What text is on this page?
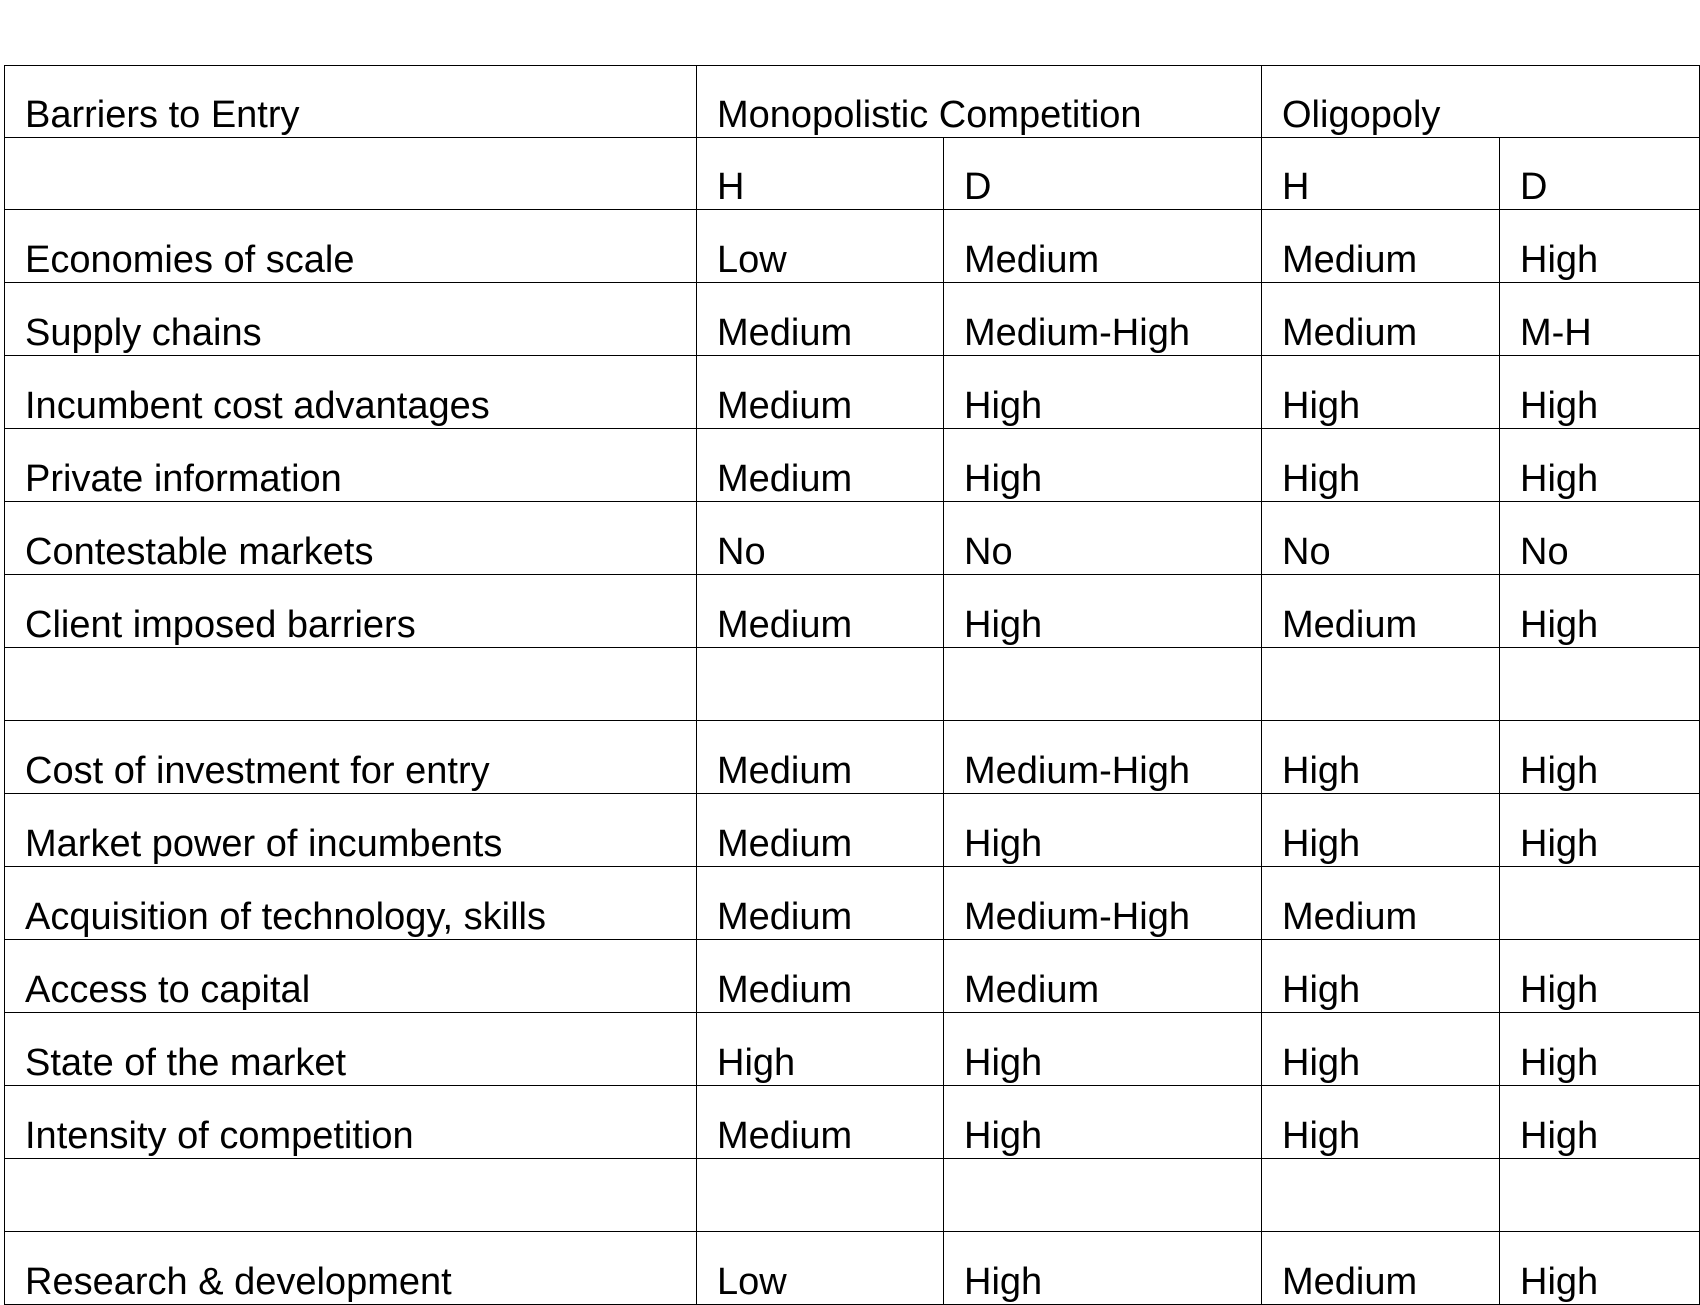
Barriers to Entry	Monopolistic Competition		Oligopoly	
	H	D	H	D
Economies of scale	Low	Medium	Medium	High
Supply chains	Medium	Medium-High	Medium	M-H
Incumbent cost advantages	Medium	High	High	High
Private information	Medium	High	High	High
Contestable markets	No	No	No	No
Client imposed barriers	Medium	High	Medium	High

Cost of investment for entry	Medium	Medium-High	High	High
Market power of incumbents	Medium	High	High	High
Acquisition of technology, skills	Medium	Medium-High	Medium	
Access to capital	Medium	Medium	High	High
State of the market	High	High	High	High
Intensity of competition	Medium	High	High	High

Research & development	Low	High	Medium	High
